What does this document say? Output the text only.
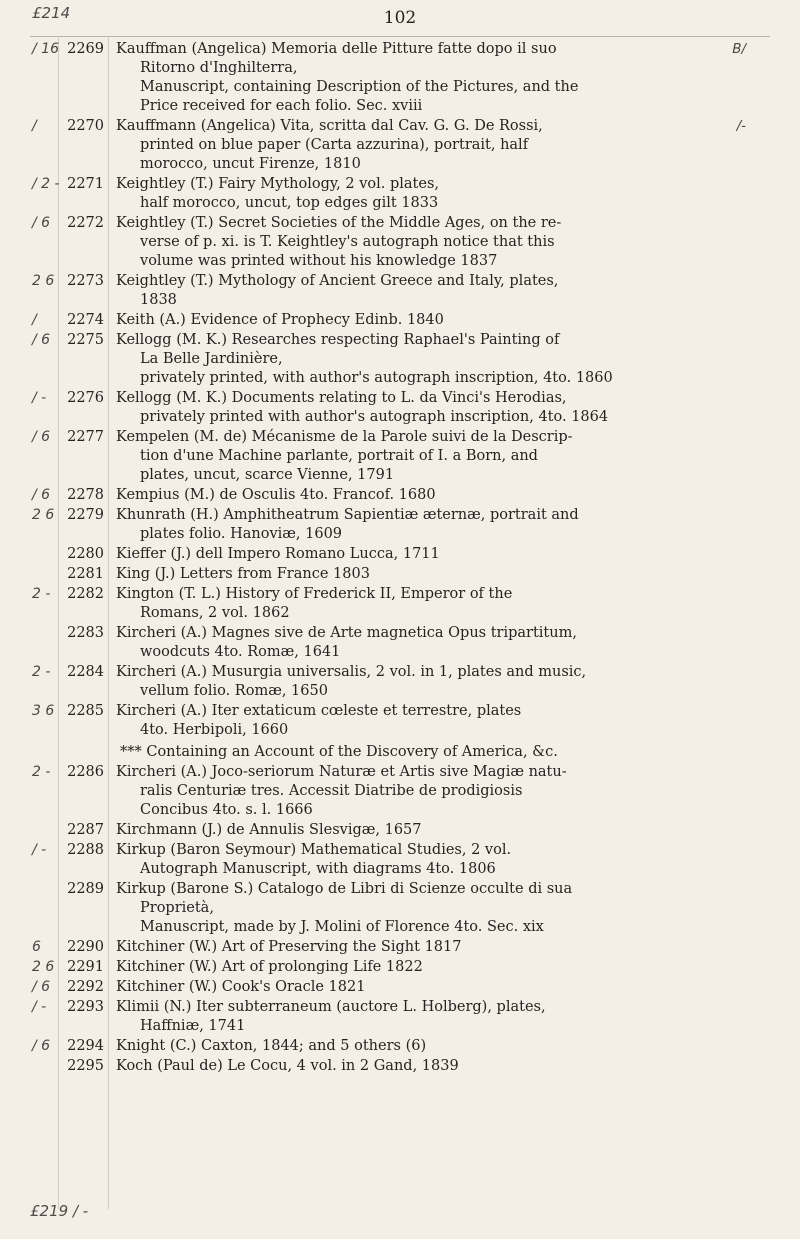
£214	102
/ 16 2269 Kauffman (Angelica) Memoria delle Pitture fatte dopo il suo	B/
Ritorno d'Inghilterra,
Manuscript, containing Description of the Pictures, and the
Price received for each folio. Sec. xviii
/	2270 Kauffmann (Angelica) Vita, scritta dal Cav. G. G. De Rossi,	/-
printed on blue paper (Carta azzurina), portrait, half
morocco, uncut Firenze, 1810
/ 2 - 2271 Keightley (T.) Fairy Mythology, 2 vol. plates,
half morocco, uncut, top edges gilt 1833
/ 6	2272 Keightley (T.) Secret Societies of the Middle Ages, on the re-
verse of p. xi. is T. Keightley's autograph notice that this
volume was printed without his knowledge 1837
2 6 2273 Keightley (T.) Mythology of Ancient Greece and Italy, plates,
1838
/	2274 Keith (A.) Evidence of Prophecy Edinb. 1840
/ 6	2275 Kellogg (M. K.) Researches respecting Raphael's Painting of
La Belle Jardinière,
privately printed, with author's autograph inscription, 4to. 1860
/ -	2276 Kellogg (M. K.) Documents relating to L. da Vinci's Herodias,
privately printed with author's autograph inscription, 4to. 1864
/ 6	2277 Kempelen (M. de) Mécanisme de la Parole suivi de la Descrip-
tion d'une Machine parlante, portrait of I. a Born, and
plates, uncut, scarce Vienne, 1791
/ 6	2278 Kempius (M.) de Osculis 4to. Francof. 1680
2 6 2279 Khunrath (H.) Amphitheatrum Sapientiæ æternæ, portrait and
plates folio. Hanoviæ, 1609
2280 Kieffer (J.) dell Impero Romano Lucca, 1711
2281 King (J.) Letters from France 1803
2 -	2282 Kington (T. L.) History of Frederick II, Emperor of the
Romans, 2 vol. 1862
2283 Kircheri (A.) Magnes sive de Arte magnetica Opus tripartitum,
woodcuts 4to. Romæ, 1641
2 -	2284 Kircheri (A.) Musurgia universalis, 2 vol. in 1, plates and music,
vellum folio. Romæ, 1650
3 6 2285 Kircheri (A.) Iter extaticum cœleste et terrestre, plates
4to. Herbipoli, 1660
*** Containing an Account of the Discovery of America, &c.
2 -	2286 Kircheri (A.) Joco-seriorum Naturæ et Artis sive Magiæ natu-
ralis Centuriæ tres. Accessit Diatribe de prodigiosis
Concibus 4to. s. l. 1666
2287 Kirchmann (J.) de Annulis Slesvigæ, 1657
/ -	2288 Kirkup (Baron Seymour) Mathematical Studies, 2 vol.
Autograph Manuscript, with diagrams 4to. 1806
2289 Kirkup (Barone S.) Catalogo de Libri di Scienze occulte di sua
Proprietà,
Manuscript, made by J. Molini of Florence 4to. Sec. xix
6	2290 Kitchiner (W.) Art of Preserving the Sight 1817
2 6 2291 Kitchiner (W.) Art of prolonging Life 1822
/ 6	2292 Kitchiner (W.) Cook's Oracle 1821
/ -	2293 Klimii (N.) Iter subterraneum (auctore L. Holberg), plates,
Haffniæ, 1741
/ 6	2294 Knight (C.) Caxton, 1844; and 5 others (6)
2295 Koch (Paul de) Le Cocu, 4 vol. in 2 Gand, 1839
£219 / -
